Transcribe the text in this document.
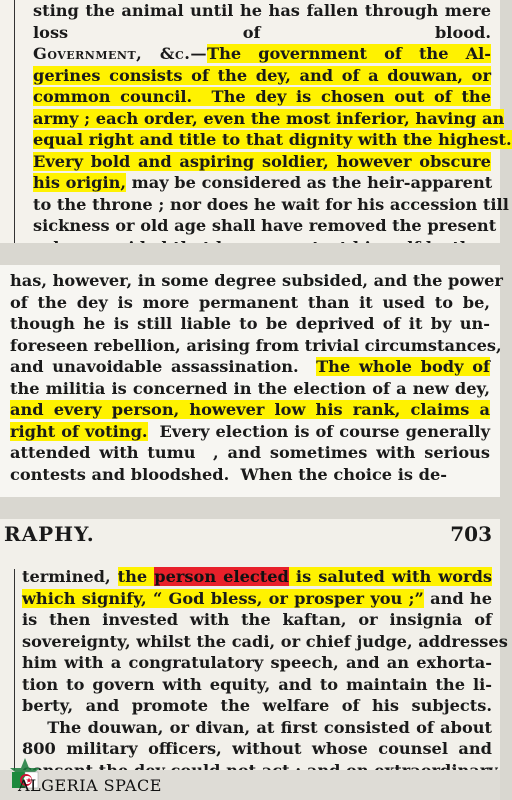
sting the animal until he has fallen through mere
loss of blood.
Government, &c.—The government of the Al-
gerines consists of the dey, and of a douwan, or
common council.  The dey is chosen out of the
army ; each order, even the most inferior, having an
equal right and title to that dignity with the highest.
Every bold and aspiring soldier, however obscure
his origin, may be considered as the heir-apparent
to the throne ; nor does he wait for his accession till
sickness or old age shall have removed the present
has, however, in some degree subsided, and the power
of the dey is more permanent than it used to be,
though he is still liable to be deprived of it by un-
foreseen rebellion, arising from trivial circumstances,
and unavoidable assassination.  The whole body of
the militia is concerned in the election of a new dey,
and every person, however low his rank, claims a
right of voting.  Every election is of course generally
attended with tumu  , and sometimes with serious
contests and bloodshed.  When the choice is de-
RAPHY.	703
termined, the person elected is saluted with words
which signify, “ God bless, or prosper you ;” and he
is then invested with the kaftan, or insignia of
sovereignty, whilst the cadi, or chief judge, addresses
him with a congratulatory speech, and an exhorta-
tion to govern with equity, and to maintain the li-
berty, and promote the welfare of his subjects.
The douwan, or divan, at first consisted of about
800 military officers, without whose counsel and
ALGERIA SPACE
